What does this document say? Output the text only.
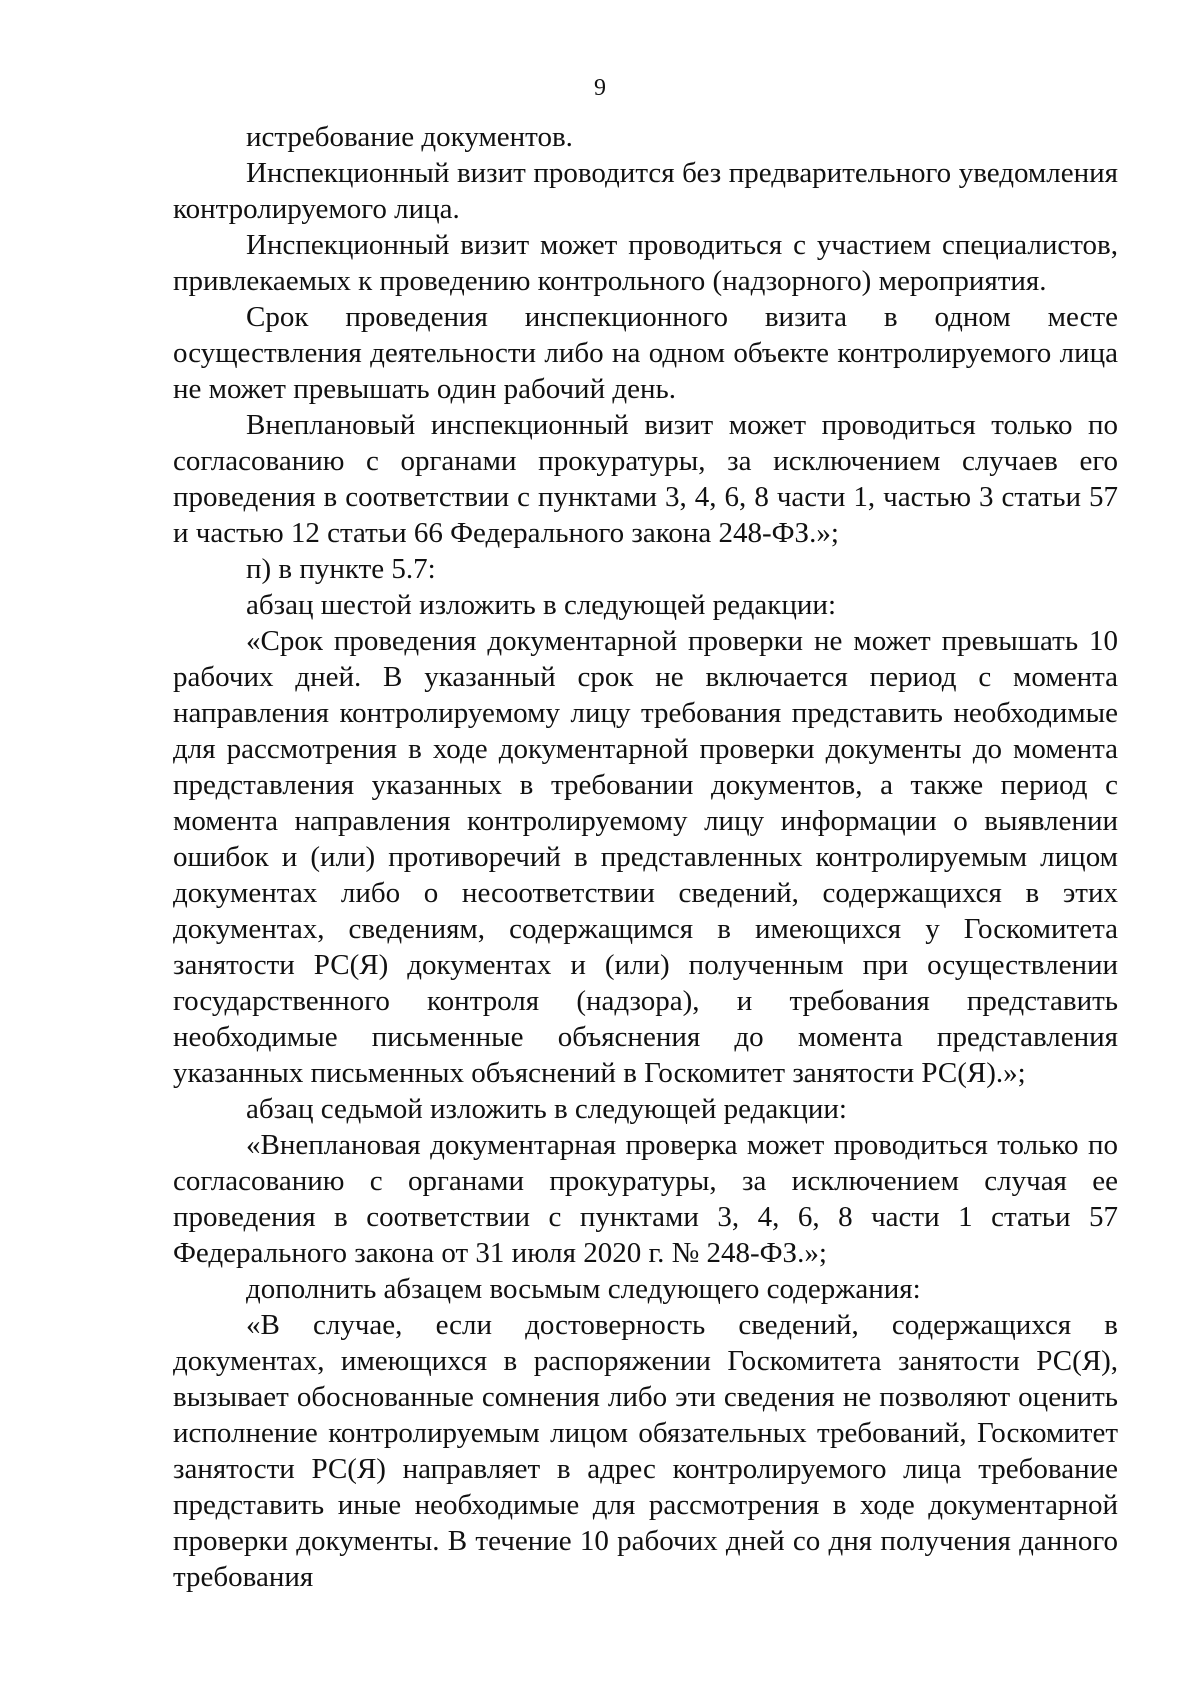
9

истребование документов.

Инспекционный визит проводится без предварительного уведомления контролируемого лица.

Инспекционный визит может проводиться с участием специалистов, привлекаемых к проведению контрольного (надзорного) мероприятия.

Срок проведения инспекционного визита в одном месте осуществления деятельности либо на одном объекте контролируемого лица не может превышать один рабочий день.

Внеплановый инспекционный визит может проводиться только по согласованию с органами прокуратуры, за исключением случаев его проведения в соответствии с пунктами 3, 4, 6, 8 части 1, частью 3 статьи 57 и частью 12 статьи 66 Федерального закона 248-ФЗ.»;

п) в пункте 5.7:

абзац шестой изложить в следующей редакции:

«Срок проведения документарной проверки не может превышать 10 рабочих дней. В указанный срок не включается период с момента направления контролируемому лицу требования представить необходимые для рассмотрения в ходе документарной проверки документы до момента представления указанных в требовании документов, а также период с момента направления контролируемому лицу информации о выявлении ошибок и (или) противоречий в представленных контролируемым лицом документах либо о несоответствии сведений, содержащихся в этих документах, сведениям, содержащимся в имеющихся у Госкомитета занятости РС(Я) документах и (или) полученным при осуществлении государственного контроля (надзора), и требования представить необходимые письменные объяснения до момента представления указанных письменных объяснений в Госкомитет занятости РС(Я).»;

абзац седьмой изложить в следующей редакции:

«Внеплановая документарная проверка может проводиться только по согласованию с органами прокуратуры, за исключением случая ее проведения в соответствии с пунктами 3, 4, 6, 8 части 1 статьи 57 Федерального закона от 31 июля 2020 г. № 248-ФЗ.»;

дополнить абзацем восьмым следующего содержания:

«В случае, если достоверность сведений, содержащихся в документах, имеющихся в распоряжении Госкомитета занятости РС(Я), вызывает обоснованные сомнения либо эти сведения не позволяют оценить исполнение контролируемым лицом обязательных требований, Госкомитет занятости РС(Я) направляет в адрес контролируемого лица требование представить иные необходимые для рассмотрения в ходе документарной проверки документы. В течение 10 рабочих дней со дня получения данного требования
